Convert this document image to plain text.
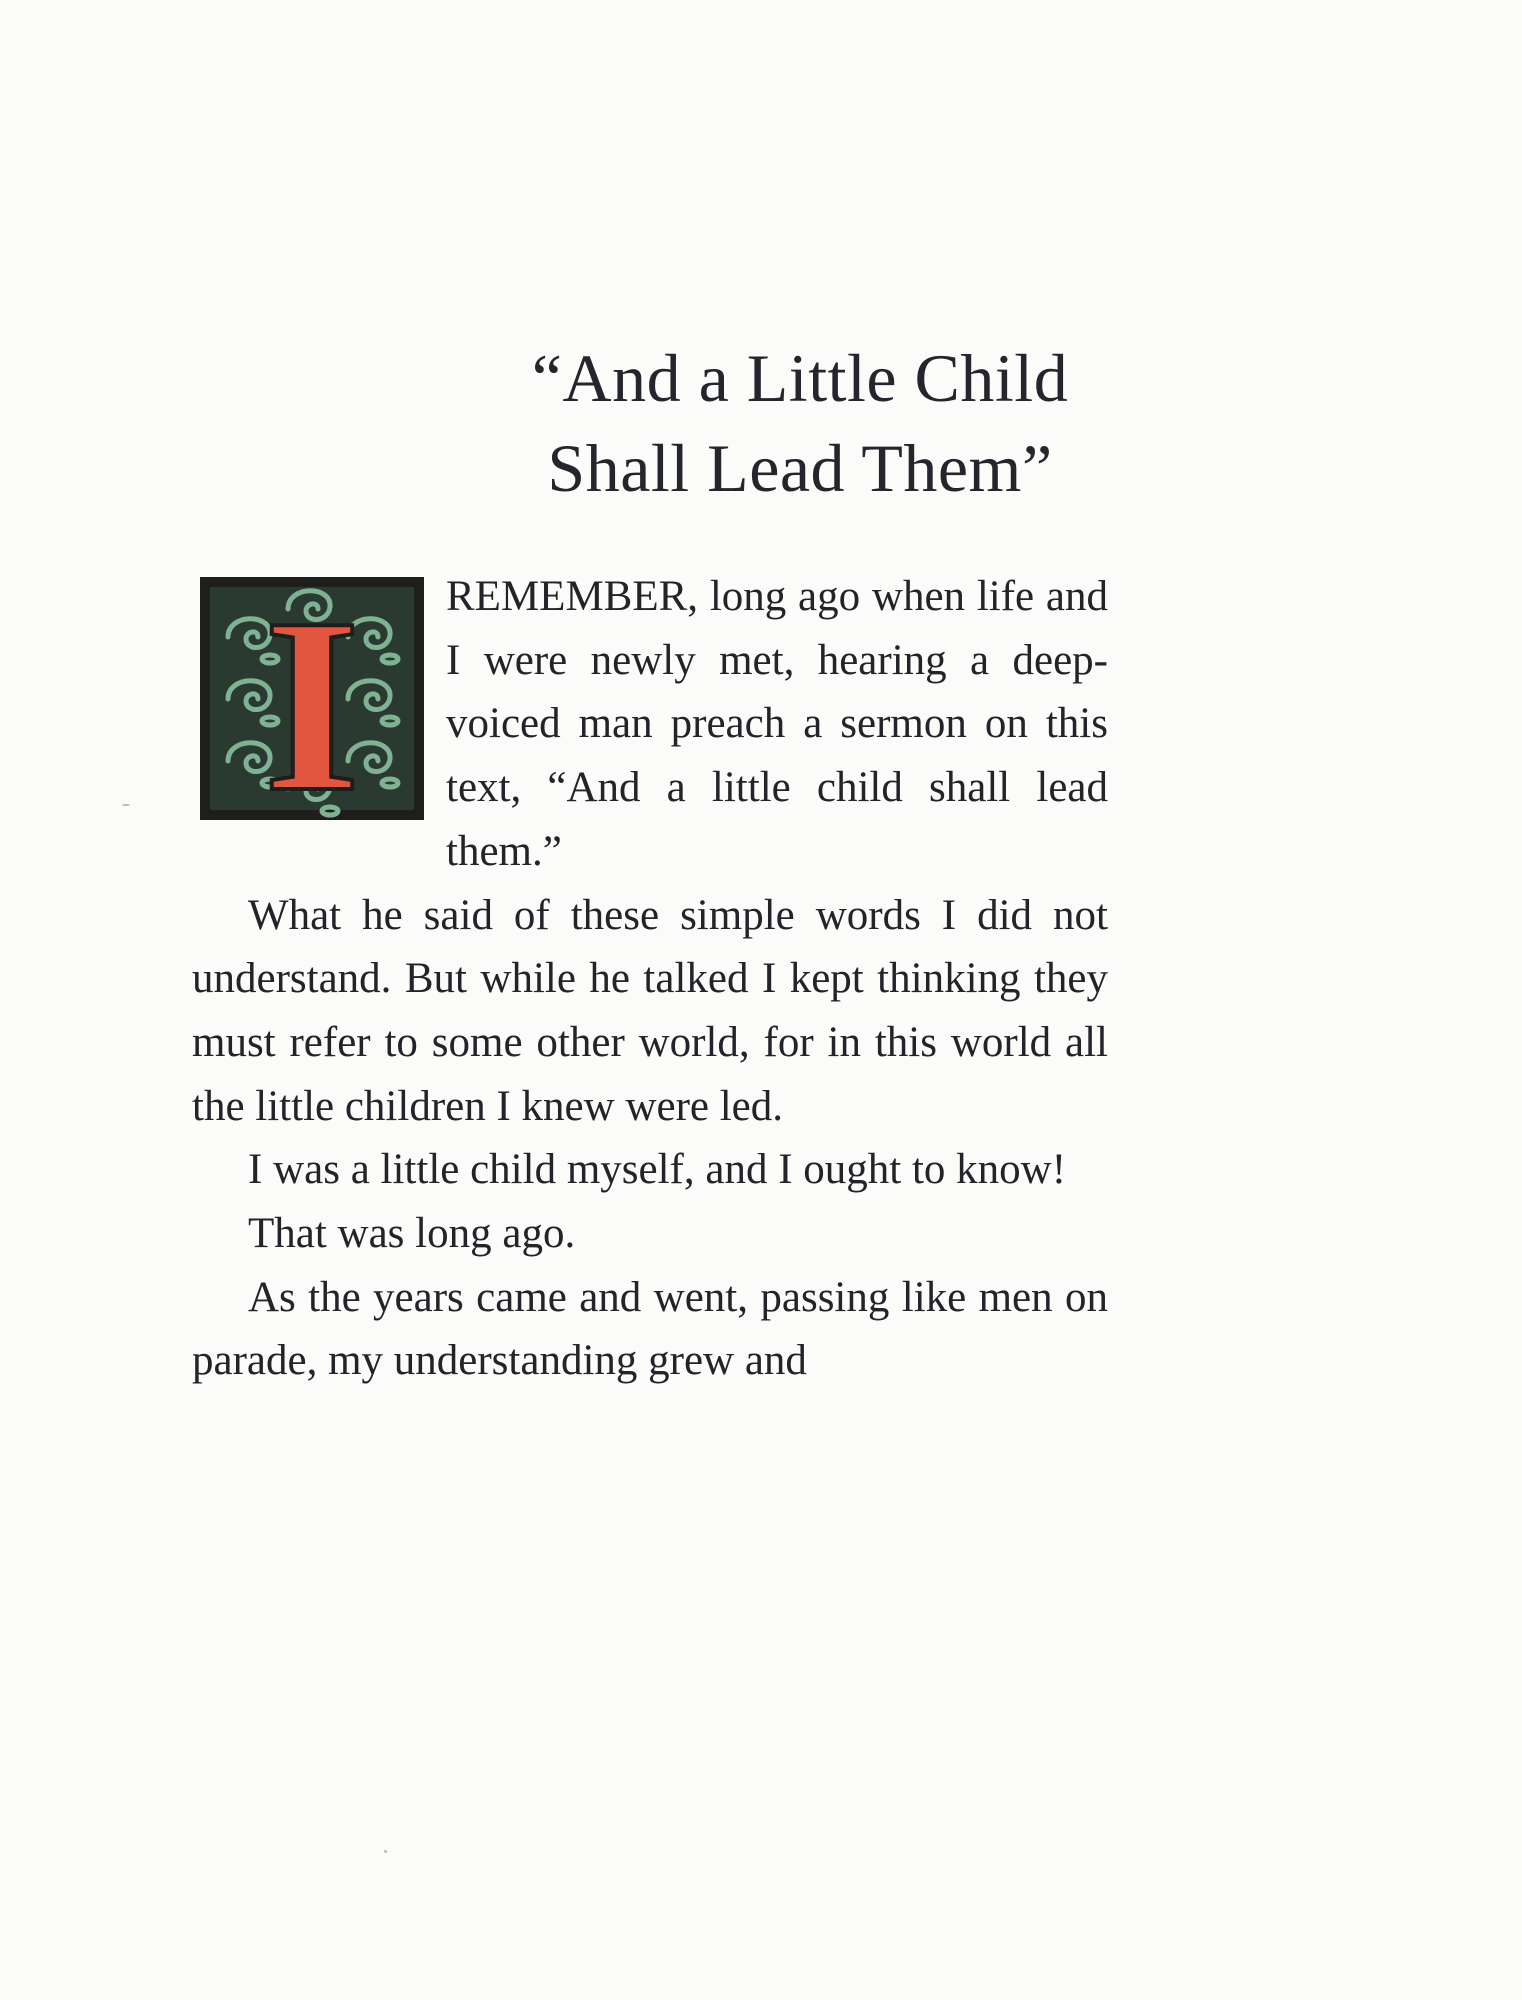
“And a Little Child
Shall Lead Them”
I	REMEMBER, long ago when life and I were newly met, hearing a deep-voiced man preach a sermon on this text, “And a little child shall lead them.”

What he said of these simple words I did not understand. But while he talked I kept thinking they must refer to some other world, for in this world all the little children I knew were led.

I was a little child myself, and I ought to know!

That was long ago.

As the years came and went, passing like men on parade, my understanding grew and
